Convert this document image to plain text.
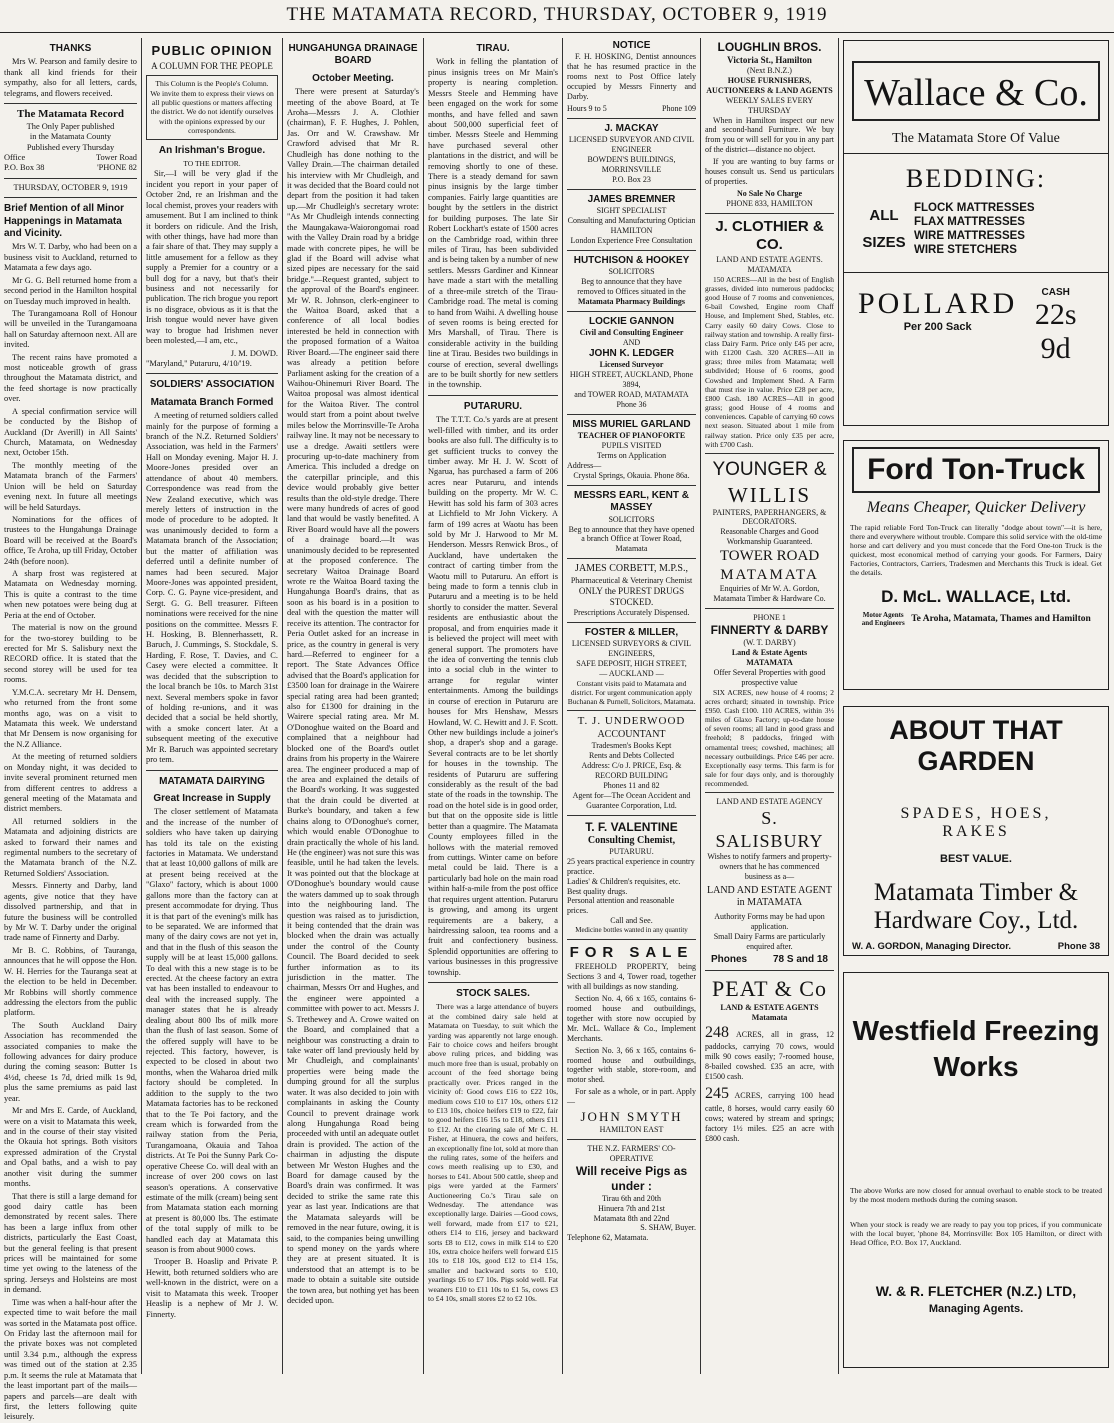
THE MATAMATA RECORD, THURSDAY, OCTOBER 9, 1919
THANKS
Mrs W. Pearson and family desire to thank all kind friends for their sympathy, also for all letters, cards, telegrams, and flowers received.
The Matamata Record
The Only Paper published
in the Matamata County
Published every Thursday
Office	Tower Road
P.O. Box 38	'PHONE 82
THURSDAY, OCTOBER 9, 1919
Brief Mention of all Minor Happenings in Matamata and Vicinity.
Mrs W. T. Darby, who had been on a business visit to Auckland, returned to Matamata a few days ago.
Mr G. G. Bell returned home from a second period in the Hamilton hospital on Tuesday much improved in health.
The Turangamoana Roll of Honour will be unveiled in the Turangamoana hall on Saturday afternoon next. All are invited.
The recent rains have promoted a most noticeable growth of grass throughout the Matamata district, and the feed shortage is now practically over.
A special confirmation service will be conducted by the Bishop of Auckland (Dr Averill) in All Saints' Church, Matamata, on Wednesday next, October 15th.
The monthly meeting of the Matamata branch of the Farmers' Union will be held on Saturday evening next. In future all meetings will be held Saturdays.
Nominations for the offices of trustees to the Hungahunga Drainage Board will be received at the Board's office, Te Aroha, up till Friday, October 24th (before noon).
A sharp frost was registered at Matamata on Wednesday morning. This is quite a contrast to the time when new potatoes were being dug at Peria at the end of October.
The material is now on the ground for the two-storey building to be erected for Mr S. Salisbury next the RECORD office. It is stated that the second storey will be used for tea rooms.
Y.M.C.A. secretary Mr H. Densem, who returned from the front some months ago, was on a visit to Matamata this week. We understand that Mr Densem is now organising for the N.Z Alliance.
At the meeting of returned soldiers on Monday night, it was decided to invite several prominent returned men from different centres to address a general meeting of the Matamata and district members.
All returned soldiers in the Matamata and adjoining districts are asked to forward their names and regimental numbers to the secretary of the Matamata branch of the N.Z. Returned Soldiers' Association.
Messrs. Finnerty and Darby, land agents, give notice that they have dissolved partnership, and that in future the business will be controlled by Mr W. T. Darby under the original trade name of Finnerty and Darby.
Mr B. C. Robbins, of Tauranga, announces that he will oppose the Hon. W. H. Herries for the Tauranga seat at the election to be held in December. Mr Robbins will shortly commence addressing the electors from the public platform.
The South Auckland Dairy Association has recommended the associated companies to make the following advances for dairy produce during the coming season: Butter 1s 4½d, cheese 1s 7d, dried milk 1s 9d, plus the same premiums as paid last year.
Mr and Mrs E. Carde, of Auckland, were on a visit to Matamata this week, and in the course of their stay visited the Okauia hot springs. Both visitors expressed admiration of the Crystal and Opal baths, and a wish to pay another visit during the summer months.
That there is still a large demand for good dairy cattle has been demonstrated by recent sales. There has been a large influx from other districts, particularly the East Coast, but the general feeling is that present prices will be maintained for some time yet owing to the lateness of the spring. Jerseys and Holsteins are most in demand.
Time was when a half-hour after the expected time to wait before the mail was sorted in the Matamata post office. On Friday last the afternoon mail for the private boxes was not completed until 3.34 p.m., although the express was timed out of the station at 2.35 p.m. It seems the rule at Matamata that the least important part of the mails—papers and parcels—are dealt with first, the letters following quite leisurely.
PUBLIC OPINION
A COLUMN FOR THE PEOPLE
This Column is the People's Column. We invite them to express their views on all public questions or matters affecting the district. We do not identify ourselves with the opinions expressed by our correspondents.
An Irishman's Brogue.
TO THE EDITOR.
Sir,—I will be very glad if the incident you report in your paper of October 2nd, re an Irishman and the local chemist, proves your readers with amusement. But I am inclined to think it borders on ridicule. And the Irish, with other things, have had more than a fair share of that. They may supply a little amusement for a fellow as they supply a Premier for a country or a bull dog for a navy, but that's their business and not necessarily for publication. The rich brogue you report is no disgrace, obvious as it is that the Irish tongue would never have given way to brogue had Irishmen never been molested,—I am, etc.,
J. M. DOWD.
"Maryland," Putaruru, 4/10/'19.
SOLDIERS' ASSOCIATION
Matamata Branch Formed
A meeting of returned soldiers called mainly for the purpose of forming a branch of the N.Z. Returned Soldiers' Association, was held in the Farmers' Hall on Monday evening. Major H. J. Moore-Jones presided over an attendance of about 40 members. Correspondence was read from the New Zealand executive, which was merely letters of instruction in the mode of procedure to be adopted. It was unanimously decided to form a Matamata branch of the Association; but the matter of affiliation was deferred until a definite number of names had been secured. Major Moore-Jones was appointed president, Corp. C. G. Payne vice-president, and Sergt. G. G. Bell treasurer. Fifteen nominations were received for the nine positions on the committee. Messrs F. H. Hosking, B. Blennerhassett, R. Baruch, J. Cummings, S. Stockdale, S. Harding, F. Rose, T. Davies, and C. Casey were elected a committee. It was decided that the subscription to the local branch be 10s. to March 31st next. Several members spoke in favor of holding re-unions, and it was decided that a social be held shortly, with a smoke concert later. At a subsequent meeting of the executive Mr R. Baruch was appointed secretary pro tem.
MATAMATA DAIRYING
Great Increase in Supply
The closer settlement of Matamata and the increase of the number of soldiers who have taken up dairying has told its tale on the existing factories in Matamata. We understand that at least 10,000 gallons of milk are at present being received at the "Glaxo" factory, which is about 1000 gallons more than the factory can at present accommodate for drying. Thus it is that part of the evening's milk has to be separated. We are informed that many of the dairy cows are not yet in, and that in the flush of this season the supply will be at least 15,000 gallons. To deal with this a new stage is to be erected. At the cheese factory an extra vat has been installed to endeavour to deal with the increased supply. The manager states that he is already dealing about 800 lbs of milk more than the flush of last season. Some of the offered supply will have to be rejected. This factory, however, is expected to be closed in about two months, when the Waharoa dried milk factory should be completed. In addition to the supply to the two Matamata factories has to be reckoned that to the Te Poi factory, and the cream which is forwarded from the railway station from the Peria, Turangamoana, Okauia and Tahoa districts. At Te Poi the Sunny Park Co-operative Cheese Co. will deal with an increase of over 200 cows on last season's operations. A conservative estimate of the milk (cream) being sent from Matamata station each morning at present is 80,000 lbs. The estimate of the total supply of milk to be handled each day at Matamata this season is from about 9000 cows.
Trooper B. Hoaslip and Private P. Hewitt, both returned soldiers who are well-known in the district, were on a visit to Matamata this week. Trooper Heaslip is a nephew of Mr J. W. Finnerty.
HUNGAHUNGA DRAINAGE BOARD
October Meeting.
There were present at Saturday's meeting of the above Board, at Te Aroha—Messrs J. A. Clothier (chairman), F. F. Hughes, J. Pohlen, Jas. Orr and W. Crawshaw. Mr Crawford advised that Mr R. Chudleigh has done nothing to the Valley Drain.—The chairman detailed his interview with Mr Chudleigh, and it was decided that the Board could not depart from the position it had taken up.—Mr Chudleigh's secretary wrote: "As Mr Chudleigh intends connecting the Maungakawa-Waiorongomai road with the Valley Drain road by a bridge made with concrete pipes, he will be glad if the Board will advise what sized pipes are necessary for the said bridge."—Request granted, subject to the approval of the Board's engineer. Mr W. R. Johnson, clerk-engineer to the Waitoa Board, asked that a conference of all local bodies interested be held in connection with the proposed formation of a Waitoa River Board.—The engineer said there was already a petition before Parliament asking for the creation of a Waihou-Ohinemuri River Board. The Waitoa proposal was almost identical for the Waitoa River. The control would start from a point about twelve miles below the Morrinsville-Te Aroha railway line. It may not be necessary to use a dredge. Awaiti settlers were procuring up-to-date machinery from America. This included a dredge on the caterpillar principle, and this device would probably give better results than the old-style dredge. There were many hundreds of acres of good land that would be vastly benefited. A River Board would have all the powers of a drainage board.—It was unanimously decided to be represented at the proposed conference. The secretary Waitoa Drainage Board wrote re the Waitoa Board taxing the Hungahunga Board's drains, that as soon as his board is in a position to deal with the question the matter will receive its attention. The contractor for Peria Outlet asked for an increase in price, as the country in general is very hard.—Referred to engineer for a report. The State Advances Office advised that the Board's application for £3500 loan for drainage in the Wairere special rating area had been granted; also for £1300 for draining in the Wairere special rating area. Mr M. O'Donoghue waited on the Board and complained that a neighbour had blocked one of the Board's outlet drains from his property in the Wairere area. The engineer produced a map of the area and explained the details of the Board's working. It was suggested that the drain could be diverted at Burke's boundary, and taken a few chains along to O'Donoghue's corner, which would enable O'Donoghue to drain practically the whole of his land. He (the engineer) was not sure this was feasible, until he had taken the levels. It was pointed out that the blockage at O'Donoghue's boundary would cause the waters dammed up to soak through into the neighbouring land. The question was raised as to jurisdiction, it being contended that the drain was blocked when the drain was actually under the control of the County Council. The Board decided to seek further information as to its jurisdiction in the matter. The chairman, Messrs Orr and Hughes, and the engineer were appointed a committee with power to act. Messrs J. S. Trethewey and A. Crowe waited on the Board, and complained that a neighbour was constructing a drain to take water off land previously held by Mr Chudleigh, and complainants' properties were being made the dumping ground for all the surplus water. It was also decided to join with complainants in asking the County Council to prevent drainage work along Hungahunga Road being proceeded with until an adequate outlet drain is provided. The action of the chairman in adjusting the dispute between Mr Weston Hughes and the Board for damage caused by the Board's drain was confirmed. It was decided to strike the same rate this year as last year. Indications are that the Matamata saleyards will be removed in the near future, owing, it is said, to the companies being unwilling to spend money on the yards where they are at present situated. It is understood that an attempt is to be made to obtain a suitable site outside the town area, but nothing yet has been decided upon.
TIRAU.
Work in felling the plantation of pinus insignis trees on Mr Main's property is nearing completion. Messrs Steele and Hemming have been engaged on the work for some months, and have felled and sawn about 500,000 superficial feet of timber. Messrs Steele and Hemming have purchased several other plantations in the district, and will be removing shortly to one of these. There is a steady demand for sawn pinus insignis by the large timber companies. Fairly large quantities are bought by the settlers in the district for building purposes. The late Sir Robert Lockhart's estate of 1500 acres on the Cambridge road, within three miles of Tirau, has been subdivided and is being taken by a number of new settlers. Messrs Gardiner and Kinnear have made a start with the metalling of a three-mile stretch of the Tirau-Cambridge road. The metal is coming to hand from Waihi. A dwelling house of seven rooms is being erected for Mrs Marshall, of Tirau. There is considerable activity in the building line at Tirau. Besides two buildings in course of erection, several dwellings are to be built shortly for new settlers in the township.
PUTARURU.
The T.T.T. Co.'s yards are at present well-filled with timber, and its order books are also full. The difficulty is to get sufficient trucks to convey the timber away. Mr H. J. W. Scott of Ngarua, has purchased a farm of 206 acres near Putaruru, and intends building on the property. Mr W. C. Hewitt has sold his farm of 303 acres at Lichfield to Mr John Vickery. A farm of 199 acres at Waotu has been sold by Mr J. Harwood to Mr M. Henderson. Messrs Renwick Bros., of Auckland, have undertaken the contract of carting timber from the Waotu mill to Putaruru. An effort is being made to form a tennis club in Putaruru and a meeting is to be held shortly to consider the matter. Several residents are enthusiastic about the proposal, and from enquiries made it is believed the project will meet with general support. The promoters have the idea of converting the tennis club into a social club in the winter to arrange for regular winter entertainments. Among the buildings in course of erection in Putaruru are houses for Mrs Henshaw, Messrs Howland, W. C. Hewitt and J. F. Scott. Other new buildings include a joiner's shop, a draper's shop and a garage. Several contracts are to be let shortly for houses in the township. The residents of Putaruru are suffering considerably as the result of the bad state of the roads in the township. The road on the hotel side is in good order, but that on the opposite side is little better than a quagmire. The Matamata County employees filled in the hollows with the material removed from cuttings. Winter came on before metal could be laid. There is a particularly bad hole on the main road within half-a-mile from the post office that requires urgent attention. Putaruru is growing, and among its urgent requirements are a bakery, a hairdressing saloon, tea rooms and a fruit and confectionery business. Splendid opportunities are offering to various businesses in this progressive township.
STOCK SALES.
There was a large attendance of buyers at the combined dairy sale held at Matamata on Tuesday, to suit which the yarding was apparently not large enough. Fair to choice cows and heifers brought above ruling prices, and bidding was much more free than is usual, probably on account of the feed shortage being practically over. Prices ranged in the vicinity of: Good cows £16 to £22 10s, medium cows £10 to £17 10s, others £12 to £13 10s, choice heifers £19 to £22, fair to good heifers £16 15s to £18, others £11 to £12. At the clearing sale of Mr C. H. Fisher, at Hinuera, the cows and heifers, an exceptionally fine lot, sold at more than the ruling rates, some of the heifers and cows meeth realising up to £30, and horses to £41. About 500 cattle, sheep and pigs were yarded at the Farmers' Auctioneering Co.'s Tirau sale on Wednesday. The attendance was exceptionally large. Dairies —Good cows, well forward, made from £17 to £21, others £14 to £16, jersey and backward sorts £8 to £12, cows in milk £14 to £20 10s, extra choice heifers well forward £15 10s to £18 10s, good £12 to £14 15s, smaller and backward sorts to £10, yearlings £6 to £7 10s. Pigs sold well. Fat weaners £10 to £11 10s to £1 5s, cows £3 to £4 10s, small stores £2 to £2 10s.
NOTICE
F. H. HOSKING, Dentist announces that he has resumed practice in the rooms next to Post Office lately occupied by Messrs Finnerty and Darby.
Hours 9 to 5	Phone 109
J. MACKAY
LICENSED SURVEYOR AND CIVIL ENGINEER
BOWDEN'S BUILDINGS, MORRINSVILLE
P.O. Box 23
JAMES BREMNER
SIGHT SPECIALIST
Consulting and Manufacturing Optician
HAMILTON
London Experience Free Consultation
HUTCHISON & HOOKEY
SOLICITORS
Beg to announce that they have removed to Offices situated in the
Matamata Pharmacy Buildings
LOCKIE GANNON
Civil and Consulting Engineer
AND
JOHN K. LEDGER
Licensed Surveyor
HIGH STREET, AUCKLAND, Phone 3894,
and TOWER ROAD, MATAMATA
Phone 36
MISS MURIEL GARLAND
TEACHER OF PIANOFORTE
PUPILS VISITED
Terms on Application
Address—
Crystal Springs, Okauia. Phone 86a.
MESSRS EARL, KENT & MASSEY
SOLICITORS
Beg to announce that they have opened a branch Office at Tower Road, Matamata
JAMES CORBETT, M.P.S.,
Pharmaceutical & Veterinary Chemist
ONLY the PUREST DRUGS STOCKED.
Prescriptions Accurately Dispensed.
FOSTER & MILLER,
LICENSED SURVEYORS & CIVIL ENGINEERS,
SAFE DEPOSIT, HIGH STREET,
— AUCKLAND —
Constant visits paid to Matamata and district. For urgent communication apply Buchanan & Purnell, Solicitors, Matamata.
T. J. UNDERWOOD
ACCOUNTANT
Tradesmen's Books Kept
Rents and Debts Collected
Address: C/o J. PRICE, Esq. & RECORD BUILDING
Phones 11 and 82
Agent for—The Ocean Accident and Guarantee Corporation, Ltd.
T. F. VALENTINE
Consulting Chemist,
PUTARURU.
25 years practical experience in country practice.
Ladies' & Children's requisites, etc.
Best quality drugs.
Personal attention and reasonable prices.
Call and See.
Medicine bottles wanted in any quantity
FOR SALE
FREEHOLD PROPERTY, being Sections 3 and 4, Tower road, together with all buildings as now standing.
Section No. 4, 66 x 165, contains 6-roomed house and outbuildings, together with store now occupied by Mr. McL. Wallace & Co., Implement Merchants.
Section No. 3, 66 x 165, contains 6-roomed house and outbuildings, together with stable, store-room, and motor shed.
For sale as a whole, or in part. Apply—
JOHN SMYTH
HAMILTON EAST
THE N.Z. FARMERS' CO-OPERATIVE
Will receive Pigs as under :
Tirau 6th and 20th
Hinuera 7th and 21st
Matamata 8th and 22nd
S. SHAW, Buyer.
Telephone 62, Matamata.
LOUGHLIN BROS.
Victoria St., Hamilton
(Next B.N.Z.)
HOUSE FURNISHERS, AUCTIONEERS & LAND AGENTS
WEEKLY SALES EVERY THURSDAY
When in Hamilton inspect our new and second-hand Furniture. We buy from you or will sell for you in any part of the district—distance no object.
If you are wanting to buy farms or houses consult us. Send us particulars of properties.
No Sale No Charge
PHONE 833, HAMILTON
J. CLOTHIER & CO.
LAND AND ESTATE AGENTS.
MATAMATA
150 ACRES—All in the best of English grasses, divided into numerous paddocks; good House of 7 rooms and conveniences, 6-bail Cowshed, Engine room Chaff House, and Implement Shed, Stables, etc. Carry easily 60 dairy Cows. Close to railway station and township. A really first-class Dairy Farm. Price only £45 per acre, with £1200 Cash. 320 ACRES—All in grass; three miles from Matamata; well subdivided; House of 6 rooms, good Cowshed and Implement Shed. A Farm that must rise in value. Price £28 per acre, £800 Cash. 180 ACRES—All in good grass; good House of 4 rooms and conveniences. Capable of carrying 60 cows next season. Situated about 1 mile from railway station. Price only £35 per acre, with £700 Cash.
YOUNGER &
WILLIS
PAINTERS, PAPERHANGERS, & DECORATORS.
Reasonable Charges and Good Workmanship Guaranteed.
TOWER ROAD
MATAMATA
Enquiries of Mr W. A. Gordon, Matamata Timber & Hardware Co.
PHONE 1
FINNERTY & DARBY
(W. T. DARBY)
Land & Estate Agents
MATAMATA
Offer Several Properties with good prospective value
SIX ACRES, new house of 4 rooms; 2 acres orchard; situated in township. Price £950. Cash £100. 110 ACRES, within 3½ miles of Glaxo Factory; up-to-date house of seven rooms; all land in good grass and freehold; 8 paddocks, fringed with ornamental trees; cowshed, machines; all necessary outbuildings. Price £46 per acre. Exceptionally easy terms. This farm is for sale for four days only, and is thoroughly recommended.
LAND AND ESTATE AGENCY
S. SALISBURY
Wishes to notify farmers and property-owners that he has commenced business as a—
LAND AND ESTATE AGENT in MATAMATA
Authority Forms may be had upon application.
Small Dairy Farms are particularly enquired after.
Phones	78 S and 18
PEAT & Co
LAND & ESTATE AGENTS
Matamata
248 ACRES, all in grass, 12 paddocks, carrying 70 cows, would milk 90 cows easily; 7-roomed house, 8-bailed cowshed. £35 an acre, with £1500 cash.
245 ACRES, carrying 100 head cattle, 8 horses, would carry easily 60 cows; watered by stream and springs; factory 1½ miles. £25 an acre with £800 cash.
Wallace & Co.
The Matamata Store Of Value
BEDDING:
ALL
SIZES
FLOCK MATTRESSES
FLAX MATTRESSES
WIRE MATTRESSES
WIRE STETCHERS
POLLARD
Per 200 Sack
CASH
22s 9d
Ford Ton-Truck
Means Cheaper, Quicker Delivery
The rapid reliable Ford Ton-Truck can literally "dodge about town"—it is here, there and everywhere without trouble. Compare this solid service with the old-time horse and cart delivery and you must concede that the Ford One-ton Truck is the quickest, most economical method of carrying your goods. For Farmers, Dairy Factories, Contractors, Carriers, Tradesmen and Merchants this Truck is ideal. Get the details.
D. McL. WALLACE, Ltd.
Motor Agents and Engineers Te Aroha, Matamata, Thames and Hamilton
ABOUT THAT GARDEN
SPADES, HOES,
RAKES
BEST VALUE.
Matamata Timber &
Hardware Coy., Ltd.
W. A. GORDON, Managing Director.	Phone 38
Westfield Freezing
Works
The above Works are now closed for annual overhaul to enable stock to be treated by the most modern methods during the coming season.
When your stock is ready we are ready to pay you top prices, if you communicate with the local buyer, 'phone 84, Morrinsville: Box 105 Hamilton, or direct with Head Office, P.O. Box 17, Auckland.
W. & R. FLETCHER (N.Z.) LTD,
Managing Agents.
